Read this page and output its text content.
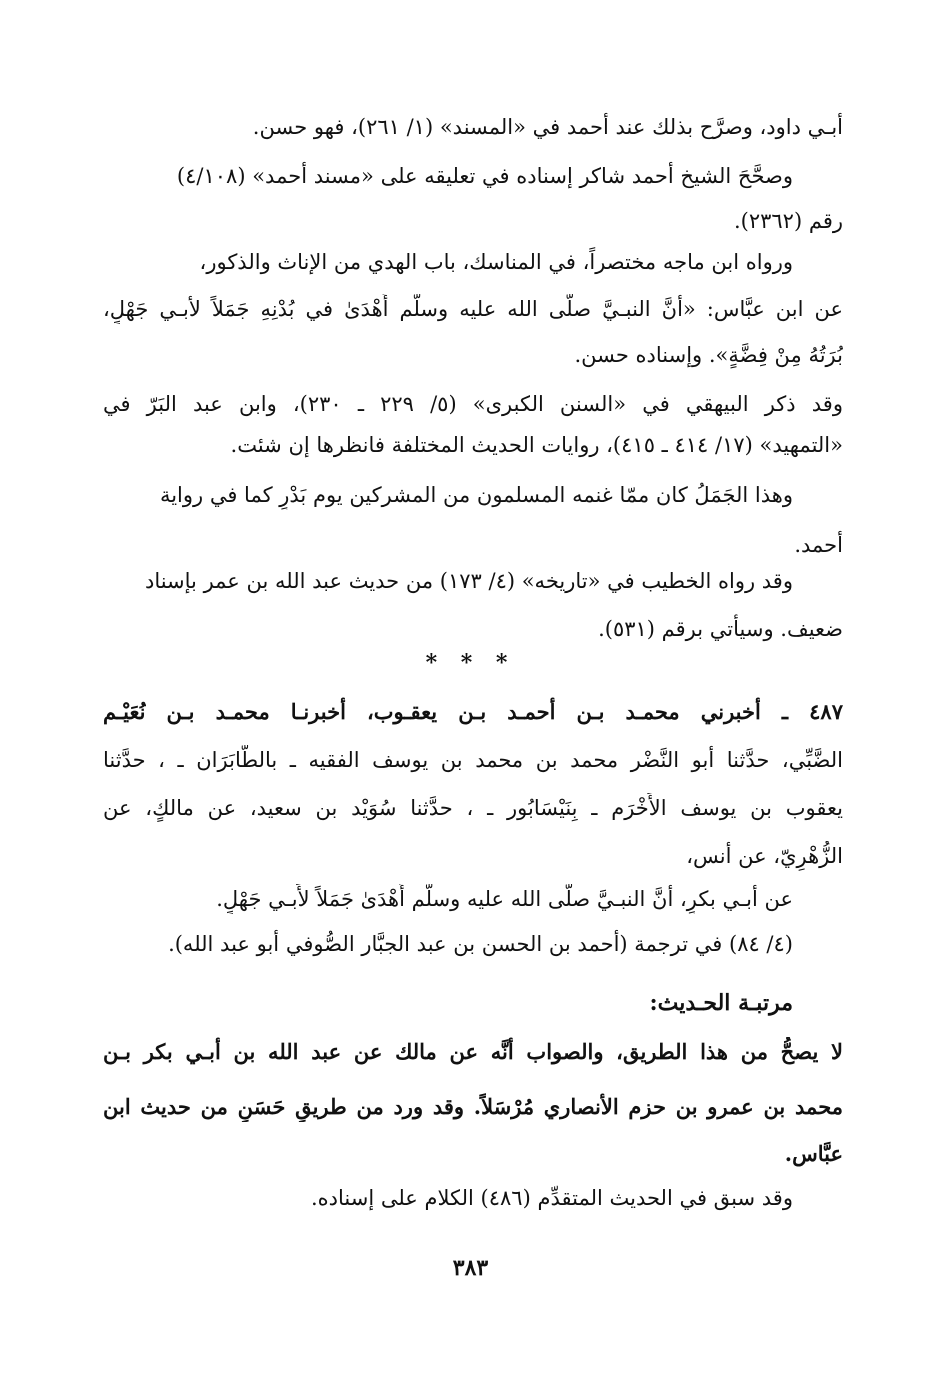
أبـي داود، وصرَّح بذلك عند أحمد في «المسند» (١/ ٢٦١)، فهو حسن.
وصحَّحَ الشيخ أحمد شاكر إسناده في تعليقه على «مسند أحمد» (٤/١٠٨)
رقم (٢٣٦٢).
ورواه ابن ماجه مختصراً، في المناسك، باب الهدي من الإناث والذكور،
عن ابن عبَّاس: «أنَّ النبـيَّ صلَّى الله عليه وسلَّم أَهْدَىٰ في بُدْنِهِ جَمَلاً لأبـي جَهْلٍ،
بُرَتُهُ مِنْ فِضَّةٍ». وإسناده حسن.
وقد ذكر البيهقي في «السنن الكبرى» (٥/ ٢٢٩ ـ ٢٣٠)، وابن عبد البَرّ في
«التمهيد» (١٧/ ٤١٤ ـ ٤١٥)، روايات الحديث المختلفة فانظرها إن شئت.
وهذا الجَمَلُ كان ممّا غنمه المسلمون من المشركين يوم بَدْرٍ كما في رواية
أحمد.
وقد رواه الخطيب في «تاريخه» (٤/ ١٧٣) من حديث عبد الله بن عمر بإسناد
ضعيف. وسيأتي برقم (٥٣١).
* * *
٤٨٧ ـ أخبرني محمـد بـن أحمـد بـن يعقـوب، أخبرنـا محمـد بـن نُعَيْـم
الضَّبِّي، حدَّثنا أبو النَّضْر محمد بن محمد بن يوسف الفقيه ـ بالطَّابَرَان ـ ، حدَّثنا
يعقوب بن يوسف الأَخْرَم ـ بِنَيْسَابُور ـ ، حدَّثنا سُوَيْد بن سعيد، عن مالكٍ، عن
الزُّهْرِيّ، عن أنس،
عن أبـي بكرٍ، أنَّ النبـيَّ صلَّى الله عليه وسلَّم أَهْدَىٰ جَمَلاً لأَبـي جَهْلٍ.
(٤/ ٨٤) في ترجمة (أحمد بن الحسن بن عبد الجبَّار الصُّوفي أبو عبد الله).
مرتبـة الحـديث:
لا يصحُّ من هذا الطريق، والصواب أنَّه عن مالك عن عبد الله بن أبـي بكر بـن
محمد بن عمرو بن حزم الأنصاري مُرْسَلاً. وقد ورد من طريقٍ حَسَنٍ من حديث ابن
عبَّاس.
وقد سبق في الحديث المتقدِّم (٤٨٦) الكلام على إسناده.
٣٨٣
